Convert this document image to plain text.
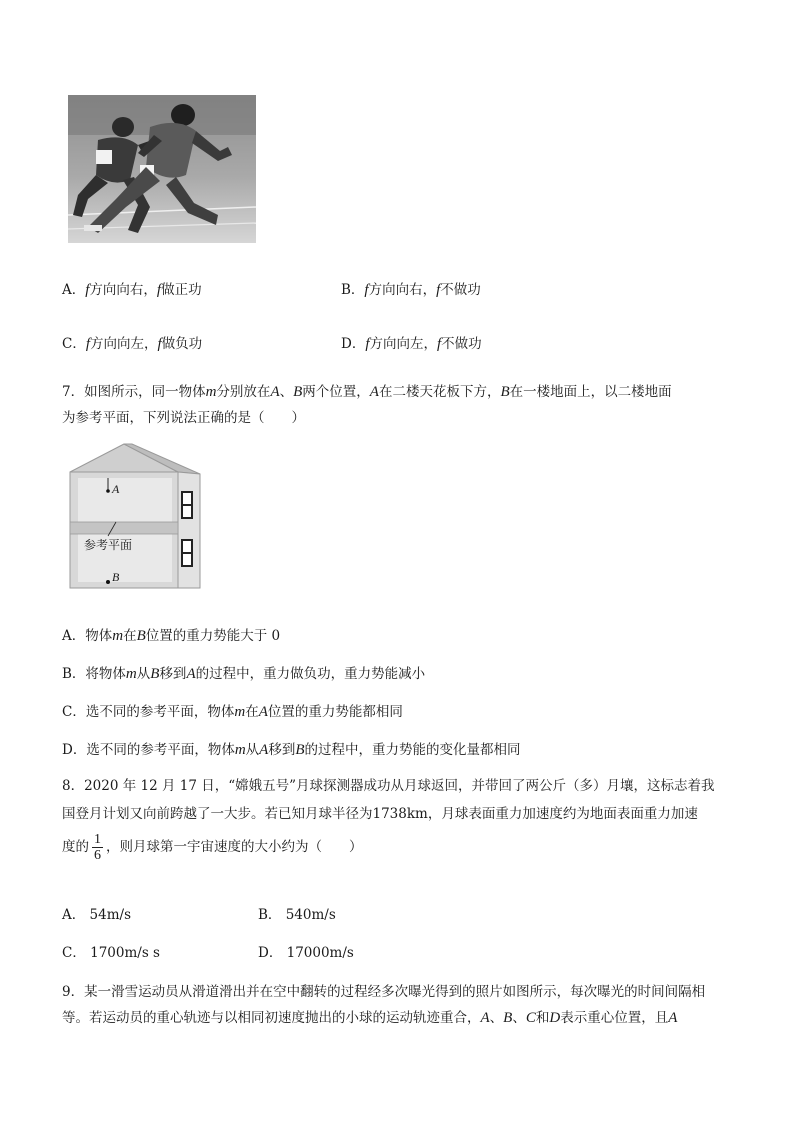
A．f方向向右，f做正功	B．f方向向右，f不做功
C．f方向向左，f做负功	D．f方向向左，f不做功
7．如图所示，同一物体m分别放在A、B两个位置，A在二楼天花板下方，B在一楼地面上，以二楼地面
为参考平面，下列说法正确的是（　　）
A
参考平面
B
A．物体m在B位置的重力势能大于 0
B．将物体m从B移到A的过程中，重力做负功，重力势能减小
C．选不同的参考平面，物体m在A位置的重力势能都相同
D．选不同的参考平面，物体m从A移到B的过程中，重力势能的变化量都相同
8．2020 年 12 月 17 日，“嫦娥五号”月球探测器成功从月球返回，并带回了两公斤（多）月壤，这标志着我
国登月计划又向前跨越了一大步。若已知月球半径为1738km，月球表面重力加速度约为地面表面重力加速
度的 $\frac{1}{6}$ ，则月球第一宇宙速度的大小约为（　　）
A． 54m/s	B． 540m/s
C． 1700m/s s	D． 17000m/s
9．某一滑雪运动员从滑道滑出并在空中翻转的过程经多次曝光得到的照片如图所示，每次曝光的时间间隔相
等。若运动员的重心轨迹与以相同初速度抛出的小球的运动轨迹重合，A、B、C和D表示重心位置，且A
